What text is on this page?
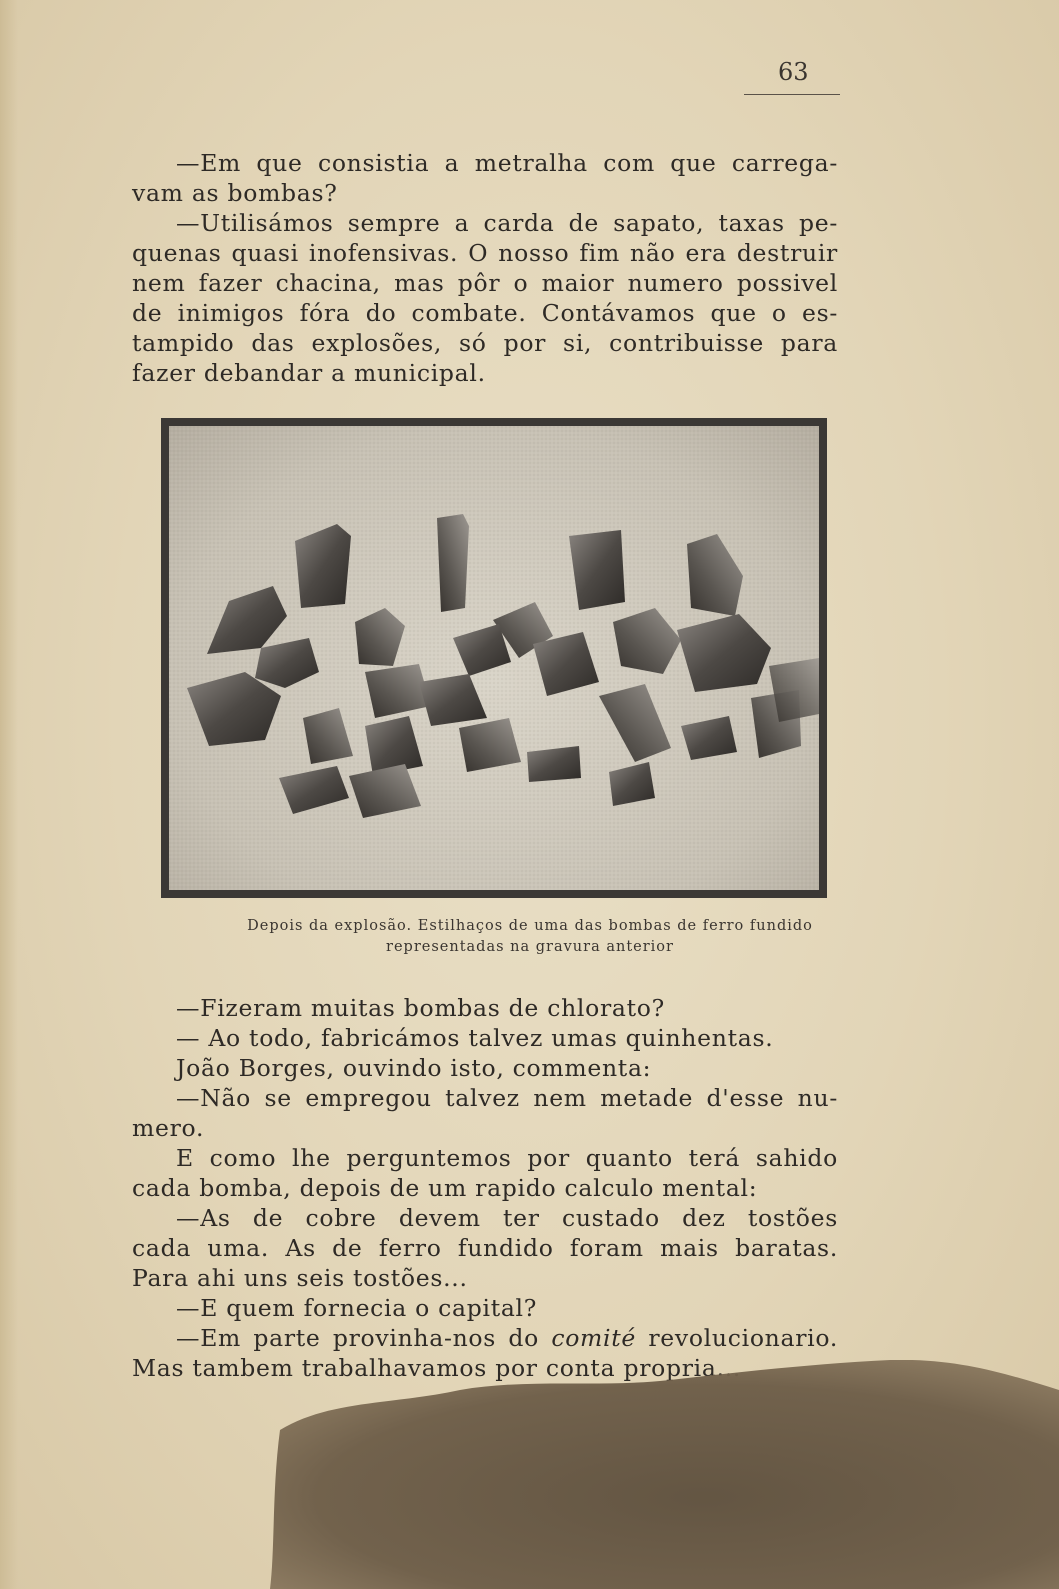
63
—Em que consistia a metralha com que carrega-
vam as bombas?
—Utilisámos sempre a carda de sapato, taxas pe-
quenas quasi inofensivas. O nosso fim não era destruir
nem fazer chacina, mas pôr o maior numero possivel
de inimigos fóra do combate. Contávamos que o es-
tampido das explosões, só por si, contribuisse para
fazer debandar a municipal.
Depois da explosão. Estilhaços de uma das bombas de ferro fundido
representadas na gravura anterior
—Fizeram muitas bombas de chlorato?
— Ao todo, fabricámos talvez umas quinhentas.
João Borges, ouvindo isto, commenta:
—Não se empregou talvez nem metade d'esse nu-
mero.
E como lhe perguntemos por quanto terá sahido
cada bomba, depois de um rapido calculo mental:
—As de cobre devem ter custado dez tostões
cada uma. As de ferro fundido foram mais baratas.
Para ahi uns seis tostões...
—E quem fornecia o capital?
—Em parte provinha-nos do comité revolucionario.
Mas tambem trabalhavamos por conta propria...
